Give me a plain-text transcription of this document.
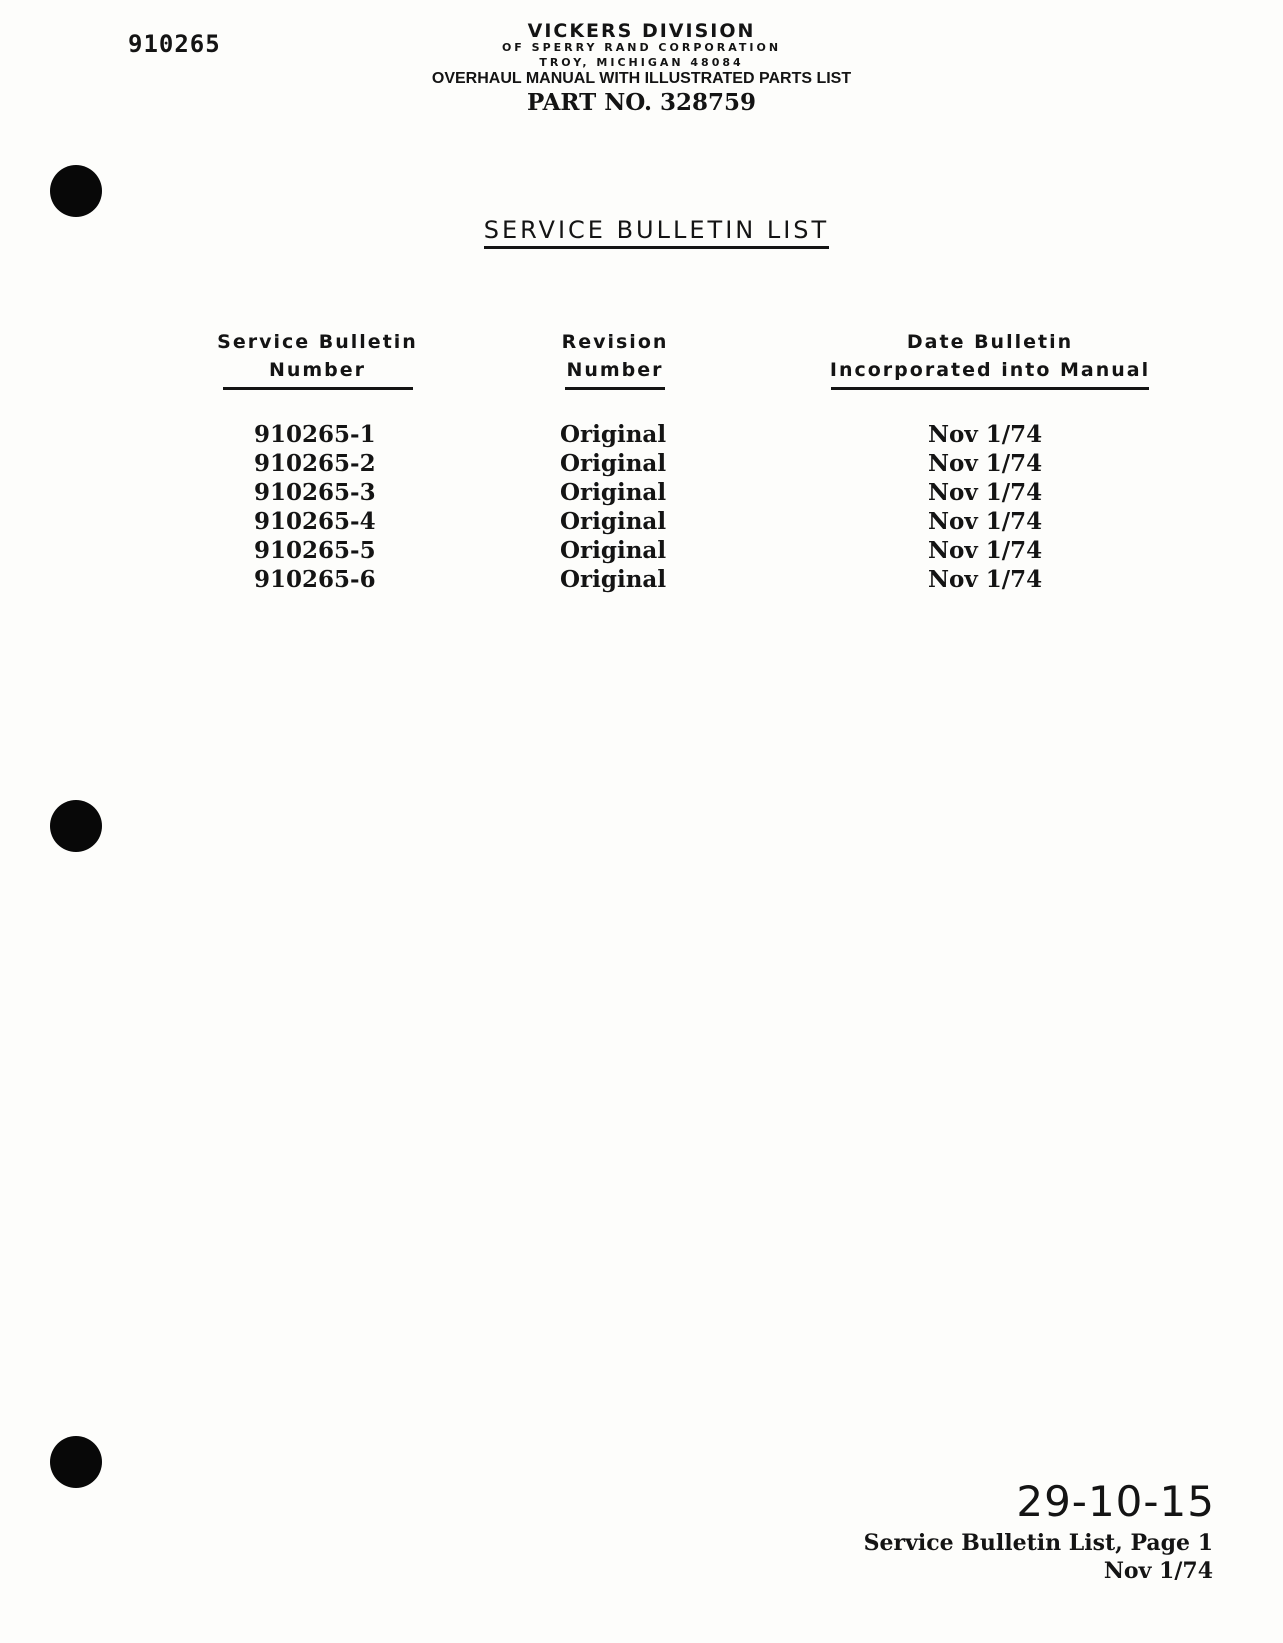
910265	VICKERS DIVISION
OF SPERRY RAND CORPORATION
TROY, MICHIGAN 48084
OVERHAUL MANUAL WITH ILLUSTRATED PARTS LIST
PART NO. 328759
SERVICE BULLETIN LIST
Service Bulletin
Number
Revision
Number
Date Bulletin
Incorporated into Manual
910265-1
910265-2
910265-3
910265-4
910265-5
910265-6
Original
Original
Original
Original
Original
Original
Nov 1/74
Nov 1/74
Nov 1/74
Nov 1/74
Nov 1/74
Nov 1/74
29-10-15
Service Bulletin List, Page 1
Nov 1/74
